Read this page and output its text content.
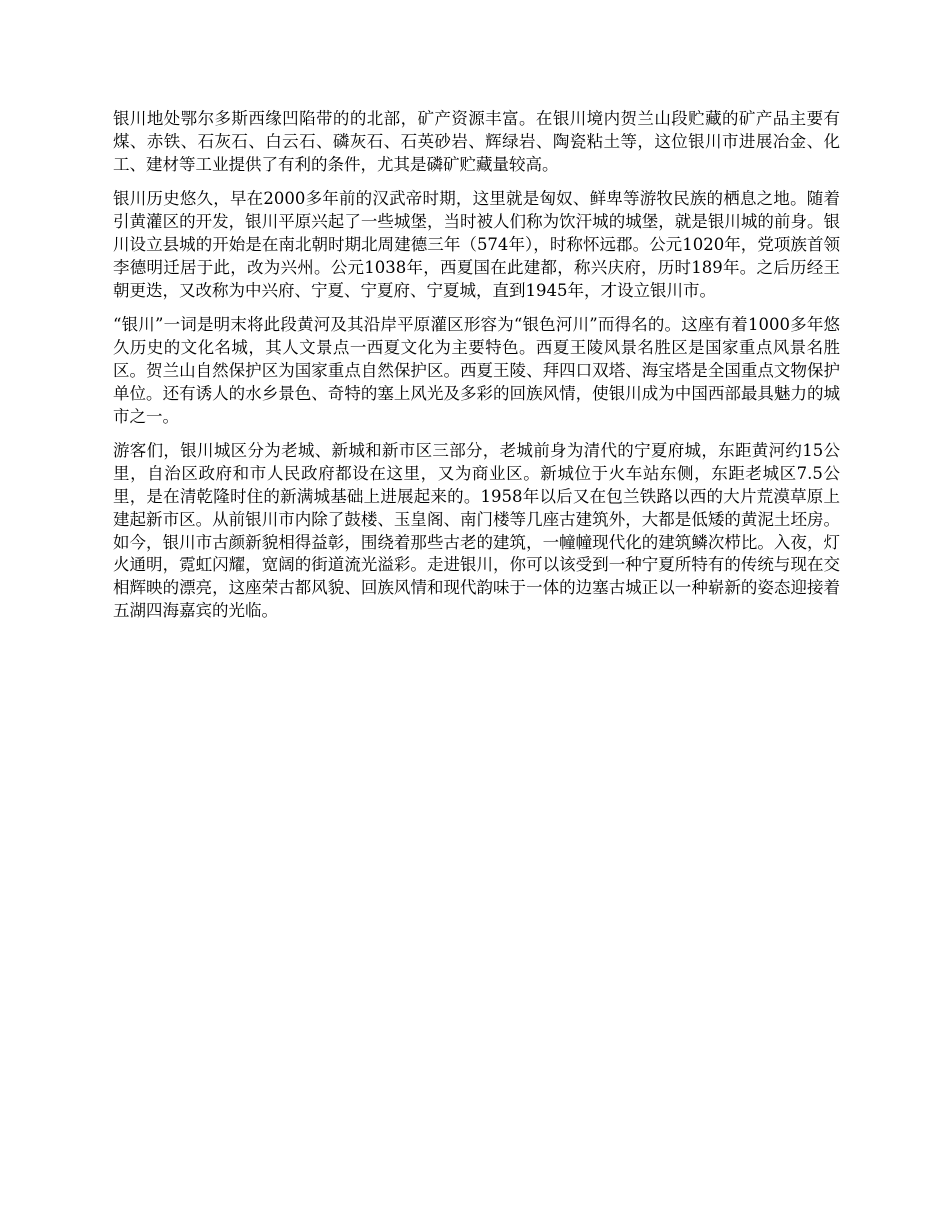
银川地处鄂尔多斯西缘凹陷带的的北部，矿产资源丰富。在银川境内贺兰山段贮藏的矿产品主要有煤、赤铁、石灰石、白云石、磷灰石、石英砂岩、辉绿岩、陶瓷粘土等，这位银川市进展冶金、化工、建材等工业提供了有利的条件，尤其是磷矿贮藏量较高。

银川历史悠久，早在2000多年前的汉武帝时期，这里就是匈奴、鲜卑等游牧民族的栖息之地。随着引黄灌区的开发，银川平原兴起了一些城堡，当时被人们称为饮汗城的城堡，就是银川城的前身。银川设立县城的开始是在南北朝时期北周建德三年（574年），时称怀远郡。公元1020年，党项族首领李德明迁居于此，改为兴州。公元1038年，西夏国在此建都，称兴庆府，历时189年。之后历经王朝更迭，又改称为中兴府、宁夏、宁夏府、宁夏城，直到1945年，才设立银川市。

“银川”一词是明末将此段黄河及其沿岸平原灌区形容为“银色河川”而得名的。这座有着1000多年悠久历史的文化名城，其人文景点一西夏文化为主要特色。西夏王陵风景名胜区是国家重点风景名胜区。贺兰山自然保护区为国家重点自然保护区。西夏王陵、拜四口双塔、海宝塔是全国重点文物保护单位。还有诱人的水乡景色、奇特的塞上风光及多彩的回族风情，使银川成为中国西部最具魅力的城市之一。

游客们，银川城区分为老城、新城和新市区三部分，老城前身为清代的宁夏府城，东距黄河约15公里，自治区政府和市人民政府都设在这里，又为商业区。新城位于火车站东侧，东距老城区7.5公里，是在清乾隆时住的新满城基础上进展起来的。1958年以后又在包兰铁路以西的大片荒漠草原上建起新市区。从前银川市内除了鼓楼、玉皇阁、南门楼等几座古建筑外，大都是低矮的黄泥土坯房。如今，银川市古颜新貌相得益彰，围绕着那些古老的建筑，一幢幢现代化的建筑鳞次栉比。入夜，灯火通明，霓虹闪耀，宽阔的街道流光溢彩。走进银川，你可以该受到一种宁夏所特有的传统与现在交相辉映的漂亮，这座荣古都风貌、回族风情和现代韵味于一体的边塞古城正以一种崭新的姿态迎接着五湖四海嘉宾的光临。
